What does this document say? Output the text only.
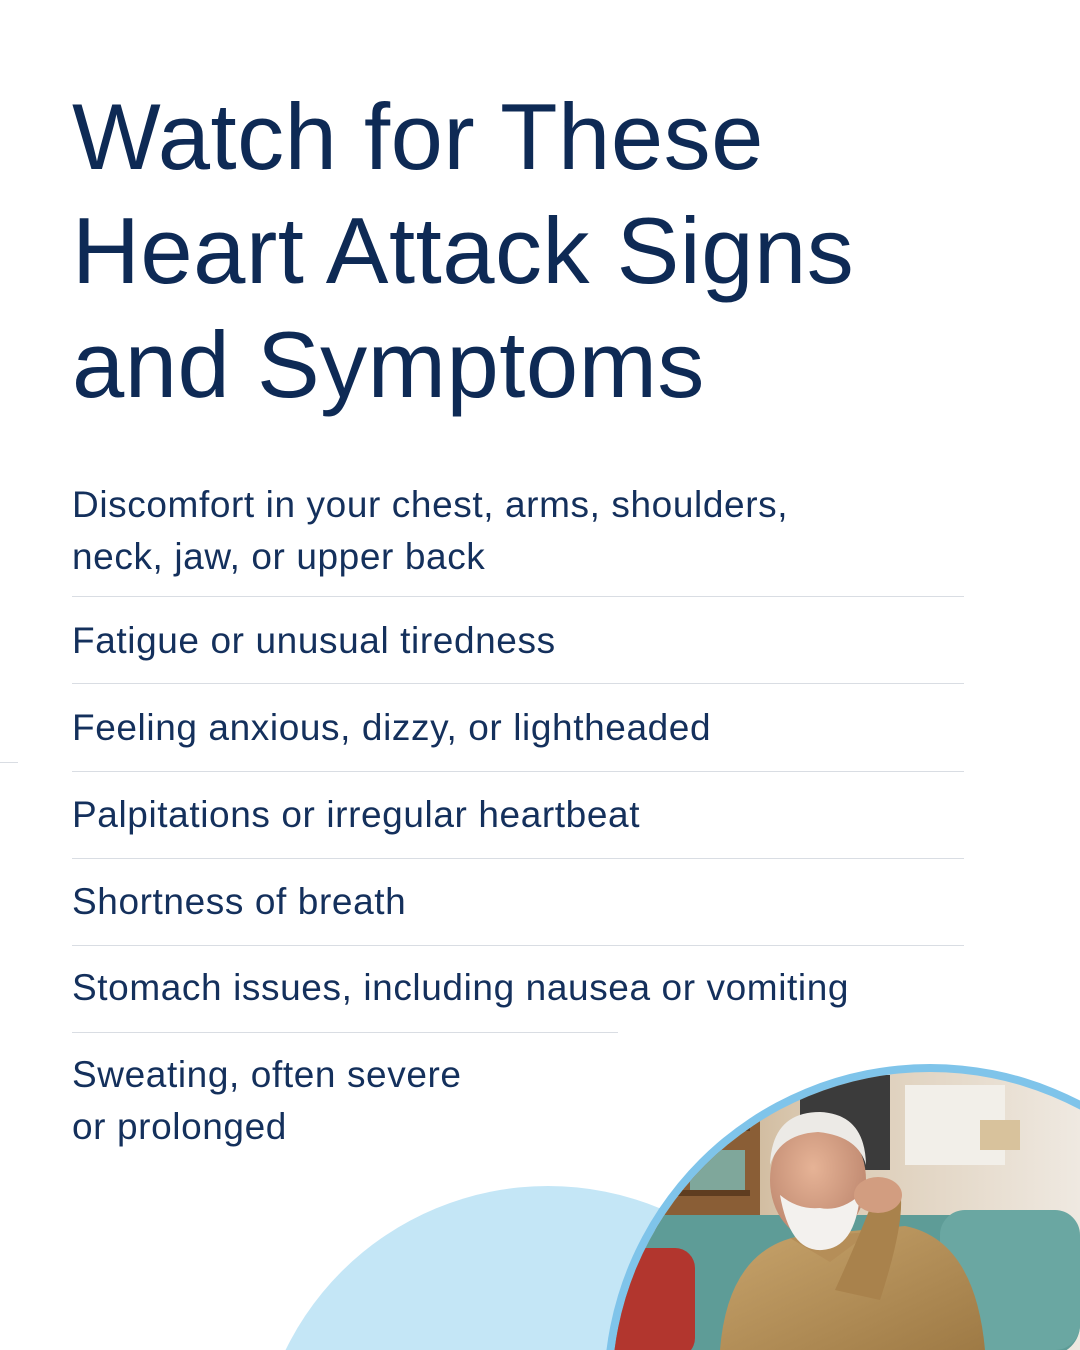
Watch for These
Heart Attack Signs
and Symptoms
Discomfort in your chest, arms, shoulders,
neck, jaw, or upper back
Fatigue or unusual tiredness
Feeling anxious, dizzy, or lightheaded
Palpitations or irregular heartbeat
Shortness of breath
Stomach issues, including nausea or vomiting
Sweating, often severe
or prolonged
